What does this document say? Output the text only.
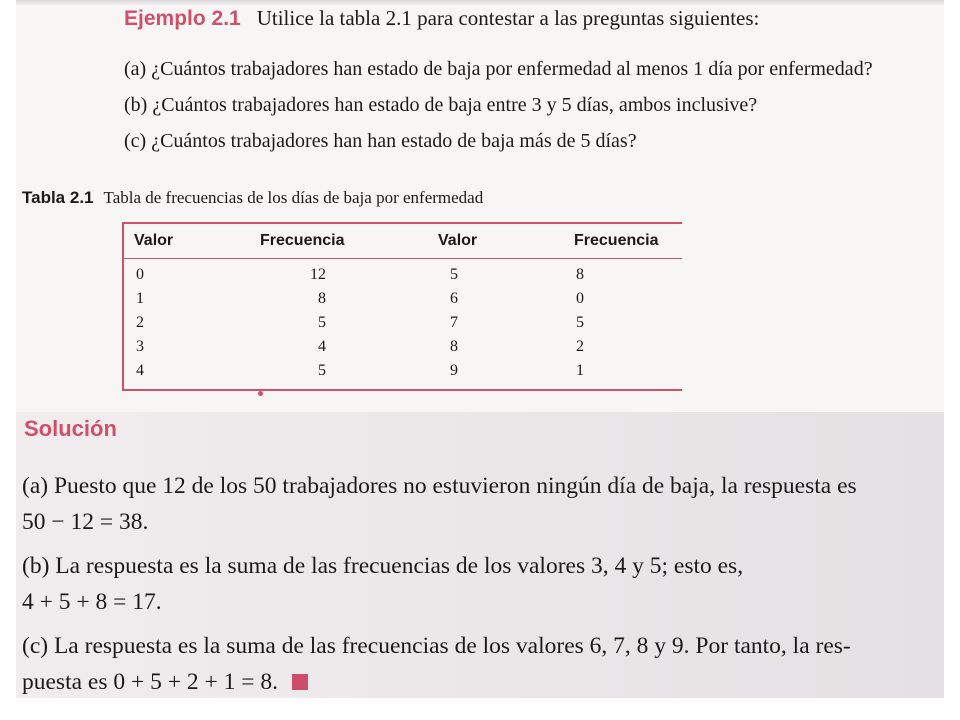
Ejemplo 2.1 Utilice la tabla 2.1 para contestar a las preguntas siguientes:
(a) ¿Cuántos trabajadores han estado de baja por enfermedad al menos 1 día por enfermedad?
(b) ¿Cuántos trabajadores han estado de baja entre 3 y 5 días, ambos inclusive?
(c) ¿Cuántos trabajadores han han estado de baja más de 5 días?
Tabla 2.1 Tabla de frecuencias de los días de baja por enfermedad
Valor	Frecuencia	Valor	Frecuencia
0	12	5	8
1	8	6	0
2	5	7	5
3	4	8	2
4	5	9	1
Solución
(a) Puesto que 12 de los 50 trabajadores no estuvieron ningún día de baja, la respuesta es
50 − 12 = 38.
(b) La respuesta es la suma de las frecuencias de los valores 3, 4 y 5; esto es,
4 + 5 + 8 = 17.
(c) La respuesta es la suma de las frecuencias de los valores 6, 7, 8 y 9. Por tanto, la res-
puesta es 0 + 5 + 2 + 1 = 8.
